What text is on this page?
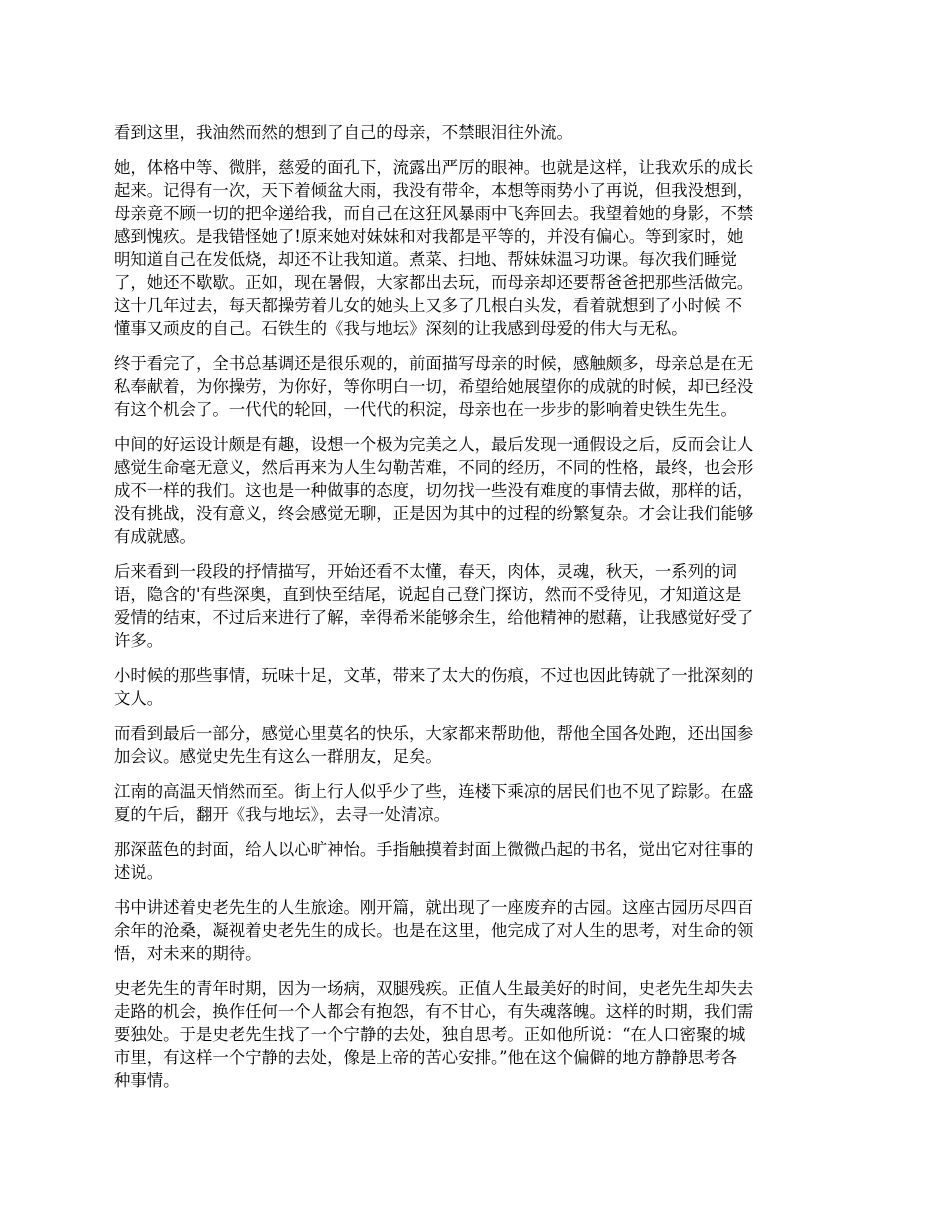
看到这里，我油然而然的想到了自己的母亲，不禁眼泪往外流。

她，体格中等、微胖，慈爱的面孔下，流露出严厉的眼神。也就是这样，让我欢乐的成长
起来。记得有一次，天下着倾盆大雨，我没有带伞，本想等雨势小了再说，但我没想到，
母亲竟不顾一切的把伞递给我，而自己在这狂风暴雨中飞奔回去。我望着她的身影，不禁
感到愧疚。是我错怪她了!原来她对妹妹和对我都是平等的，并没有偏心。等到家时，她
明知道自己在发低烧，却还不让我知道。煮菜、扫地、帮妹妹温习功课。每次我们睡觉
了，她还不歇歇。正如，现在暑假，大家都出去玩，而母亲却还要帮爸爸把那些活做完。
这十几年过去，每天都操劳着儿女的她头上又多了几根白头发，看着就想到了小时候 不
懂事又顽皮的自己。石铁生的《我与地坛》深刻的让我感到母爱的伟大与无私。

终于看完了，全书总基调还是很乐观的，前面描写母亲的时候，感触颇多，母亲总是在无
私奉献着，为你操劳，为你好，等你明白一切，希望给她展望你的成就的时候，却已经没
有这个机会了。一代代的轮回，一代代的积淀，母亲也在一步步的影响着史铁生先生。

中间的好运设计颇是有趣，设想一个极为完美之人，最后发现一通假设之后，反而会让人
感觉生命毫无意义，然后再来为人生勾勒苦难，不同的经历，不同的性格，最终，也会形
成不一样的我们。这也是一种做事的态度，切勿找一些没有难度的事情去做，那样的话，
没有挑战，没有意义，终会感觉无聊，正是因为其中的过程的纷繁复杂。才会让我们能够
有成就感。

后来看到一段段的抒情描写，开始还看不太懂，春天，肉体，灵魂，秋天，一系列的词
语，隐含的'有些深奥，直到快至结尾，说起自己登门探访，然而不受待见，才知道这是
爱情的结束，不过后来进行了解，幸得希米能够余生，给他精神的慰藉，让我感觉好受了
许多。

小时候的那些事情，玩味十足，文革，带来了太大的伤痕，不过也因此铸就了一批深刻的
文人。

而看到最后一部分，感觉心里莫名的快乐，大家都来帮助他，帮他全国各处跑，还出国参
加会议。感觉史先生有这么一群朋友，足矣。

江南的高温天悄然而至。街上行人似乎少了些，连楼下乘凉的居民们也不见了踪影。在盛
夏的午后，翻开《我与地坛》，去寻一处清凉。

那深蓝色的封面，给人以心旷神怡。手指触摸着封面上微微凸起的书名，觉出它对往事的
述说。

书中讲述着史老先生的人生旅途。刚开篇，就出现了一座废弃的古园。这座古园历尽四百
余年的沧桑，凝视着史老先生的成长。也是在这里，他完成了对人生的思考，对生命的领
悟，对未来的期待。

史老先生的青年时期，因为一场病，双腿残疾。正值人生最美好的时间，史老先生却失去
走路的机会，换作任何一个人都会有抱怨，有不甘心，有失魂落魄。这样的时期，我们需
要独处。于是史老先生找了一个宁静的去处，独自思考。正如他所说：“在人口密聚的城
市里，有这样一个宁静的去处，像是上帝的苦心安排。”他在这个偏僻的地方静静思考各
种事情。
